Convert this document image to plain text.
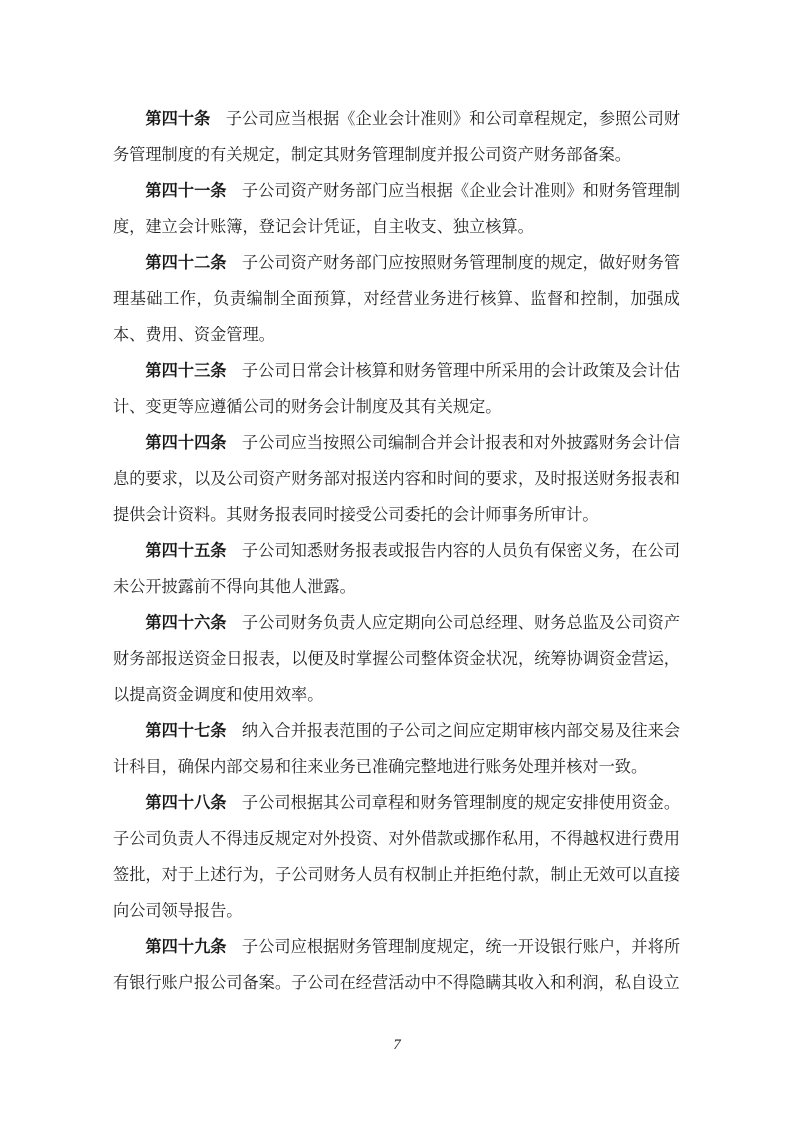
第四十条 子公司应当根据《企业会计准则》和公司章程规定，参照公司财务管理制度的有关规定，制定其财务管理制度并报公司资产财务部备案。

第四十一条 子公司资产财务部门应当根据《企业会计准则》和财务管理制度，建立会计账簿，登记会计凭证，自主收支、独立核算。

第四十二条 子公司资产财务部门应按照财务管理制度的规定，做好财务管理基础工作，负责编制全面预算，对经营业务进行核算、监督和控制，加强成本、费用、资金管理。

第四十三条 子公司日常会计核算和财务管理中所采用的会计政策及会计估计、变更等应遵循公司的财务会计制度及其有关规定。

第四十四条 子公司应当按照公司编制合并会计报表和对外披露财务会计信息的要求，以及公司资产财务部对报送内容和时间的要求，及时报送财务报表和提供会计资料。其财务报表同时接受公司委托的会计师事务所审计。

第四十五条 子公司知悉财务报表或报告内容的人员负有保密义务，在公司未公开披露前不得向其他人泄露。

第四十六条 子公司财务负责人应定期向公司总经理、财务总监及公司资产财务部报送资金日报表，以便及时掌握公司整体资金状况，统筹协调资金营运，以提高资金调度和使用效率。

第四十七条 纳入合并报表范围的子公司之间应定期审核内部交易及往来会计科目，确保内部交易和往来业务已准确完整地进行账务处理并核对一致。

第四十八条 子公司根据其公司章程和财务管理制度的规定安排使用资金。子公司负责人不得违反规定对外投资、对外借款或挪作私用，不得越权进行费用签批，对于上述行为，子公司财务人员有权制止并拒绝付款，制止无效可以直接向公司领导报告。

第四十九条 子公司应根据财务管理制度规定，统一开设银行账户，并将所有银行账户报公司备案。子公司在经营活动中不得隐瞒其收入和利润，私自设立

7
